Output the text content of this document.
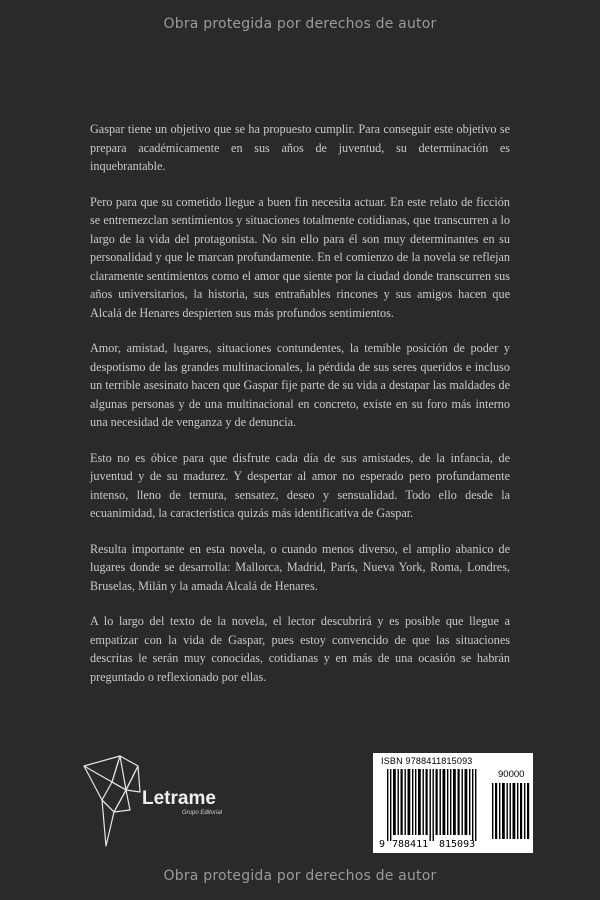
Obra protegida por derechos de autor

Gaspar tiene un objetivo que se ha propuesto cumplir. Para conseguir este objetivo se prepara académicamente en sus años de juventud, su determinación es inquebrantable.

Pero para que su cometido llegue a buen fin necesita actuar. En este relato de ficción se entremezclan sentimientos y situaciones totalmente cotidianas, que transcurren a lo largo de la vida del protagonista. No sin ello para él son muy determinantes en su personalidad y que le marcan profundamente. En el comienzo de la novela se reflejan claramente sentimientos como el amor que siente por la ciudad donde transcurren sus años universitarios, la historia, sus entrañables rincones y sus amigos hacen que Alcalá de Henares despierten sus más profundos sentimientos.

Amor, amistad, lugares, situaciones contundentes, la temible posición de poder y despotismo de las grandes multinacionales, la pérdida de sus seres queridos e incluso un terrible asesinato hacen que Gaspar fije parte de su vida a destapar las maldades de algunas personas y de una multinacional en concreto, existe en su foro más interno una necesidad de venganza y de denuncia.

Esto no es óbice para que disfrute cada día de sus amistades, de la infancia, de juventud y de su madurez. Y despertar al amor no esperado pero profundamente intenso, lleno de ternura, sensatez, deseo y sensualidad. Todo ello desde la ecuanimidad, la característica quizás más identificativa de Gaspar.

Resulta importante en esta novela, o cuando menos diverso, el amplio abanico de lugares donde se desarrolla: Mallorca, Madrid, París, Nueva York, Roma, Londres, Bruselas, Milán y la amada Alcalá de Henares.

A lo largo del texto de la novela, el lector descubrirá y es posible que llegue a empatizar con la vida de Gaspar, pues estoy convencido de que las situaciones descritas le serán muy conocidas, cotidianas y en más de una ocasión se habrán preguntado o reflexionado por ellas.

Letrame
Grupo Editorial
ISBN 9788411815093
90000
9 788411 815093
Obra protegida por derechos de autor
